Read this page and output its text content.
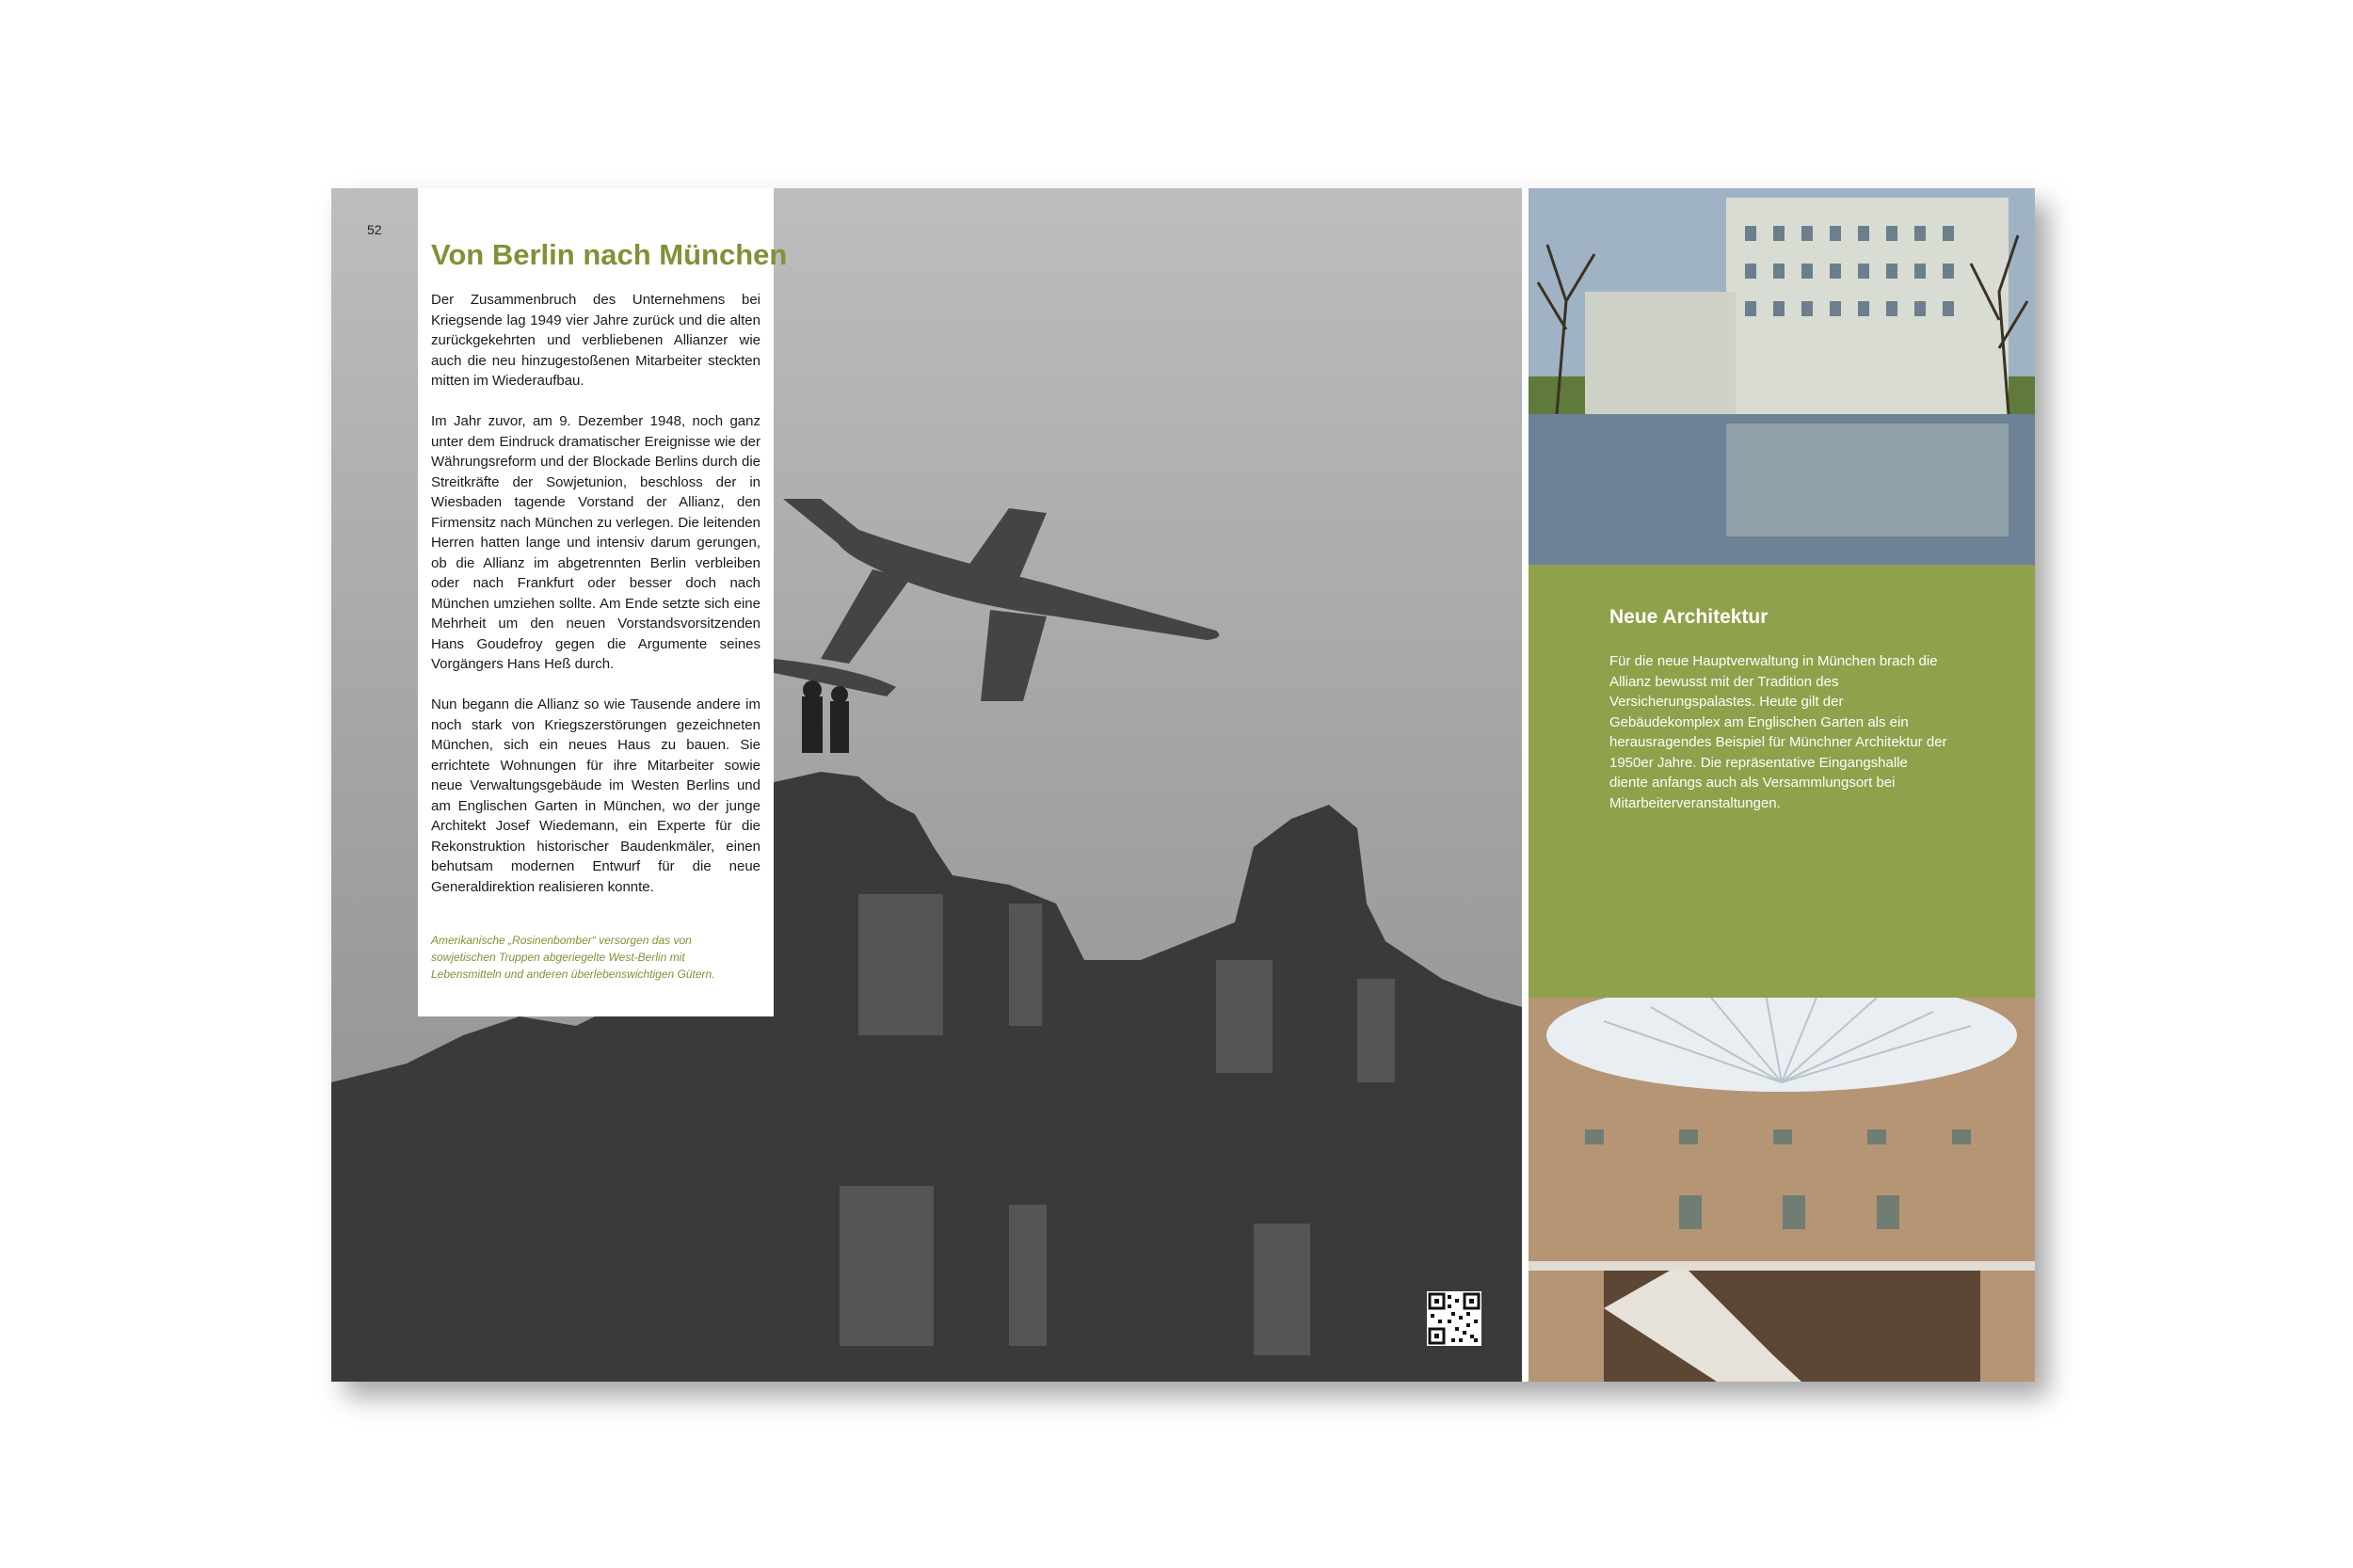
52
Von Berlin nach München

Der Zusammenbruch des Unternehmens bei Kriegsende lag 1949 vier Jahre zurück und die alten zurückgekehrten und verbliebenen Allianzer wie auch die neu hinzugestoßenen Mitarbeiter steckten mitten im Wiederaufbau.

Im Jahr zuvor, am 9. Dezember 1948, noch ganz unter dem Eindruck dramatischer Ereignisse wie der Währungsreform und der Blockade Berlins durch die Streitkräfte der Sowjetunion, beschloss der in Wiesbaden tagende Vorstand der Allianz, den Firmensitz nach München zu verlegen. Die leitenden Herren hatten lange und intensiv darum gerungen, ob die Allianz im abgetrennten Berlin verbleiben oder nach Frankfurt oder besser doch nach München umziehen sollte. Am Ende setzte sich eine Mehrheit um den neuen Vorstandsvorsitzenden Hans Goudefroy gegen die Argumente seines Vorgängers Hans Heß durch.

Nun begann die Allianz so wie Tausende andere im noch stark von Kriegszerstörungen gezeichneten München, sich ein neues Haus zu bauen. Sie errichtete Wohnungen für ihre Mitarbeiter sowie neue Verwaltungsgebäude im Westen Berlins und am Englischen Garten in München, wo der junge Architekt Josef Wiedemann, ein Experte für die Rekonstruktion historischer Baudenkmäler, einen behutsam modernen Entwurf für die neue Generaldirektion realisieren konnte.

Amerikanische „Rosinenbomber“ versorgen das von sowjetischen Truppen abgeriegelte West-Berlin mit Lebensmitteln und anderen überlebenswichtigen Gütern.
Neue Architektur
Für die neue Hauptverwaltung in München brach die Allianz bewusst mit der Tradition des Versicherungspalastes. Heute gilt der Gebäudekomplex am Englischen Garten als ein herausragendes Beispiel für Münchner Architektur der 1950er Jahre. Die repräsentative Eingangshalle diente anfangs auch als Versammlungsort bei Mitarbeiterveranstaltungen.
